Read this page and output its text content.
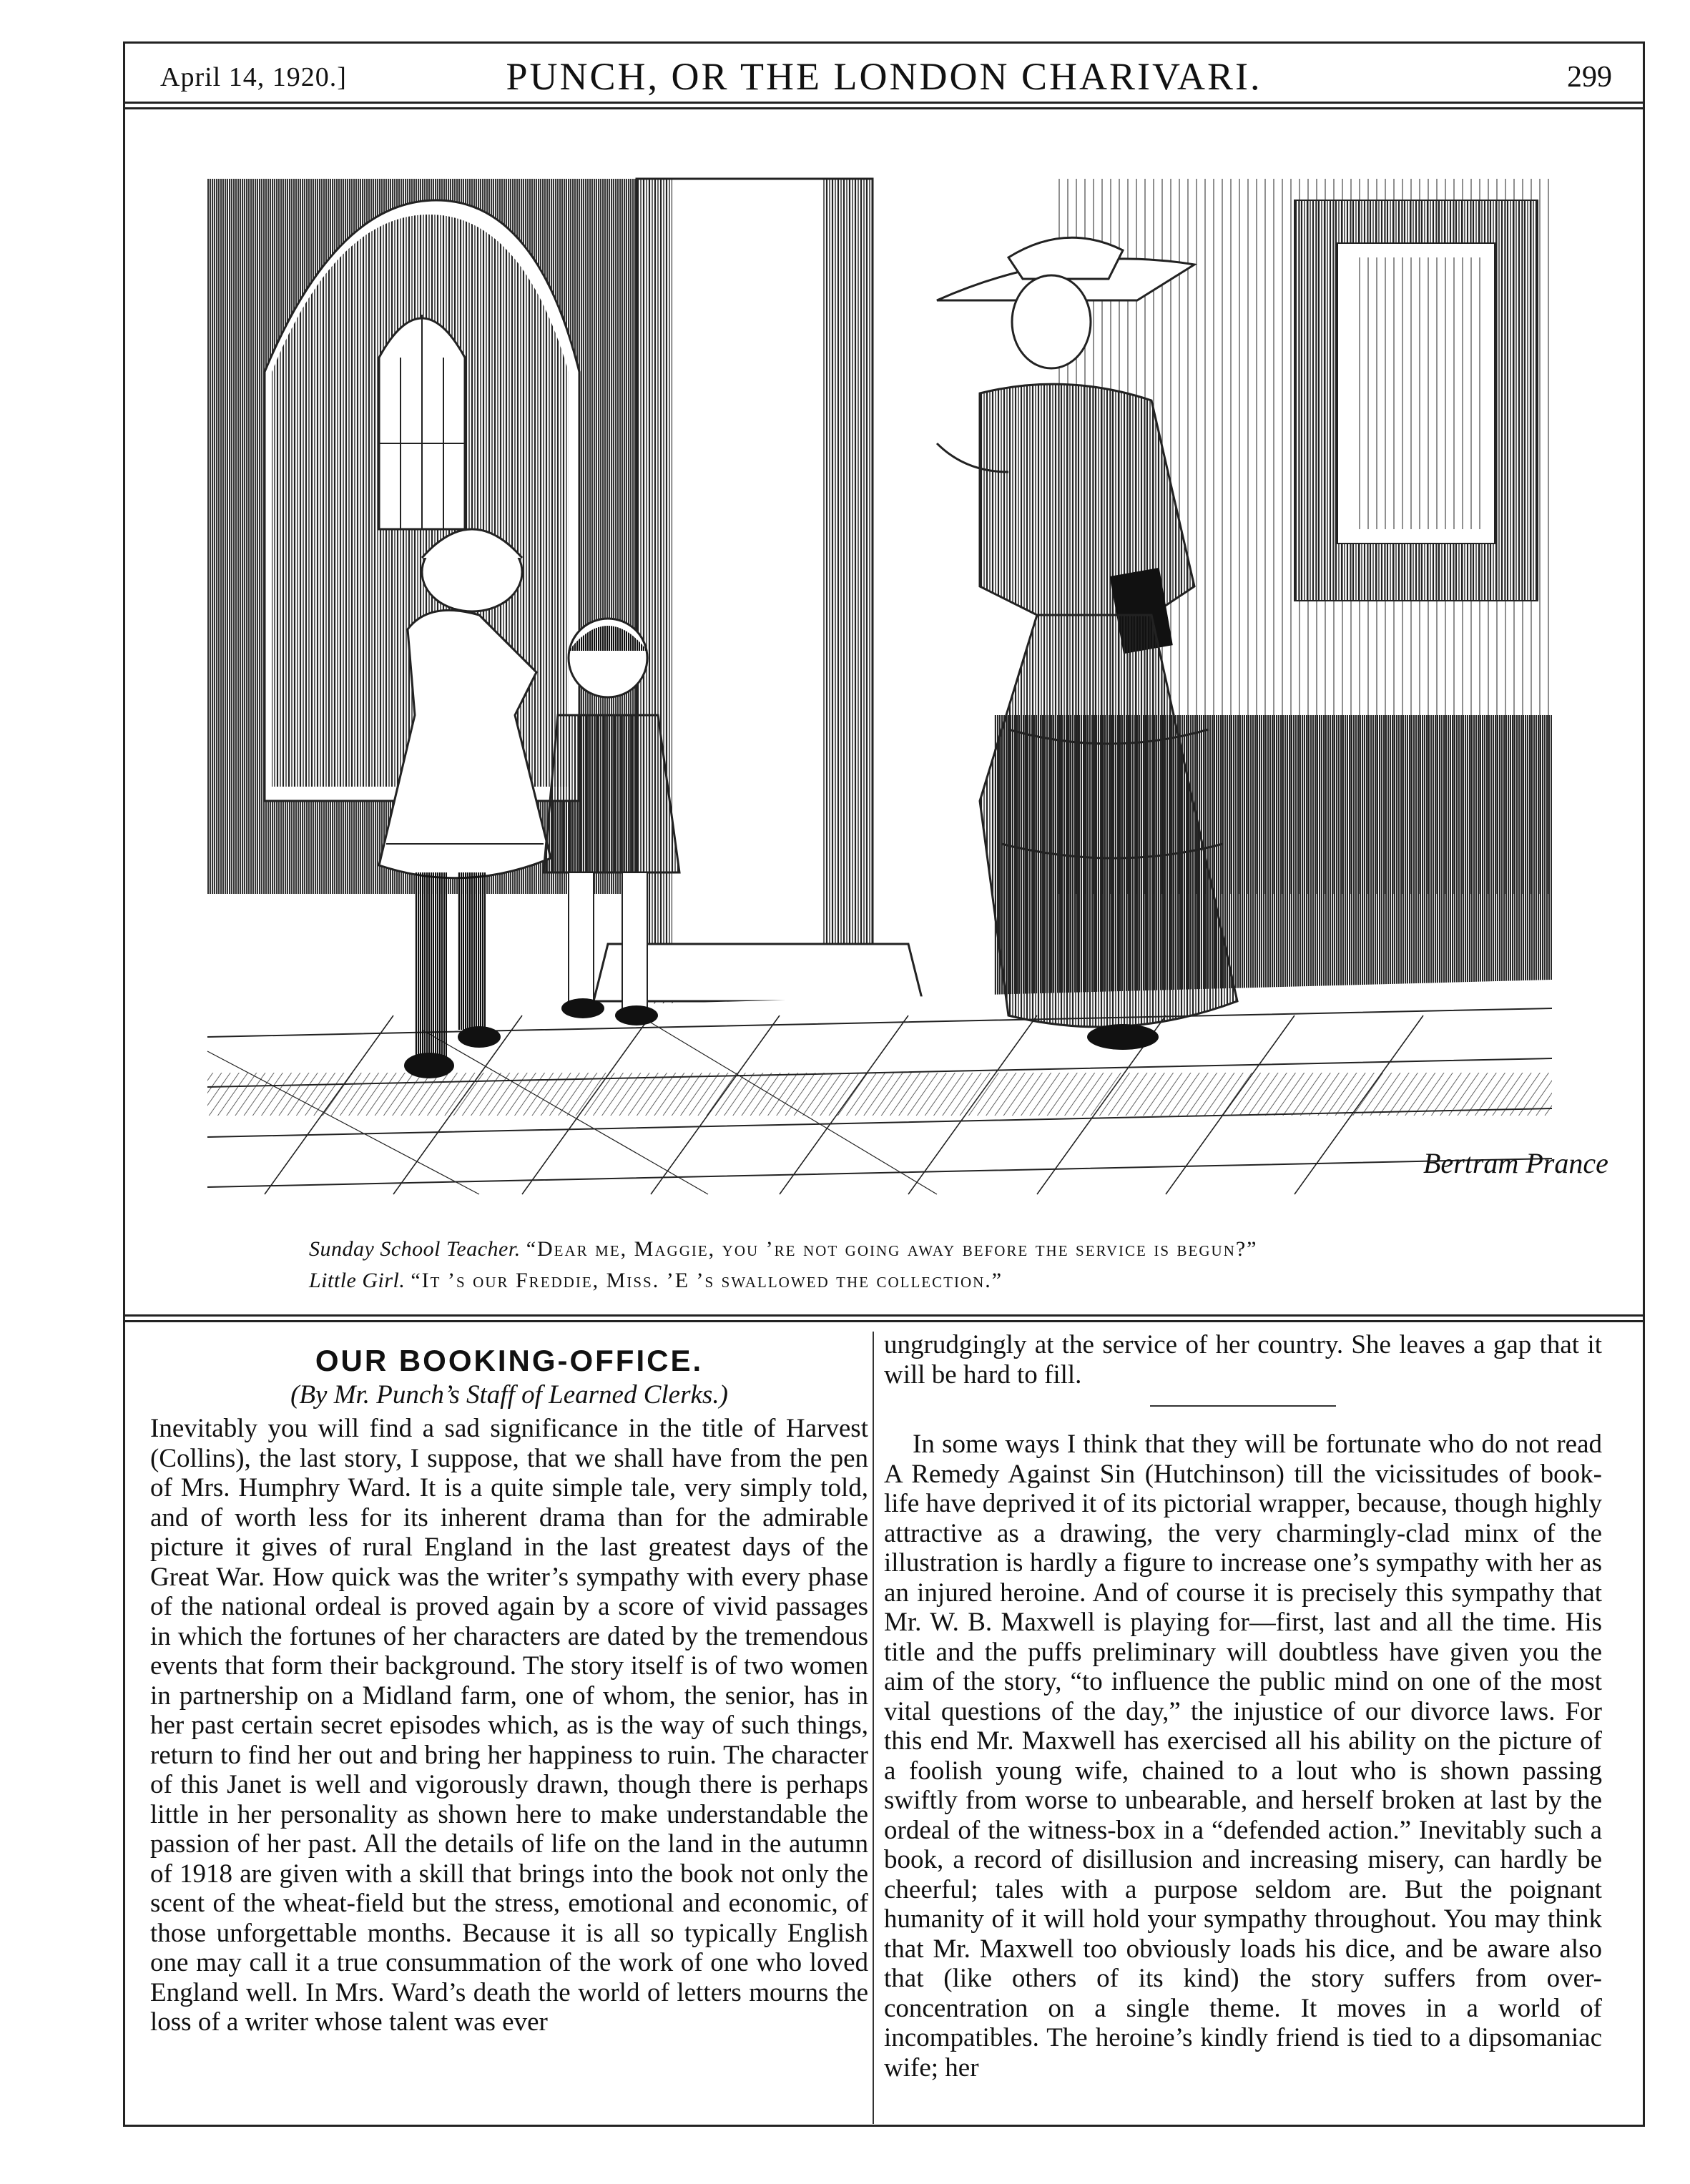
April 14, 1920.]	PUNCH, OR THE LONDON CHARIVARI.	299
Bertram Prance
Sunday School Teacher. “Dear me, Maggie, you ’re not going away before the service is begun?”
Little Girl. “It ’s our Freddie, Miss. ’E ’s swallowed the collection.”
OUR BOOKING-OFFICE.
(By Mr. Punch’s Staff of Learned Clerks.)

Inevitably you will find a sad significance in the title of Harvest (Collins), the last story, I suppose, that we shall have from the pen of Mrs. Humphry Ward. It is a quite simple tale, very simply told, and of worth less for its inherent drama than for the admirable picture it gives of rural England in the last greatest days of the Great War. How quick was the writer’s sympathy with every phase of the national ordeal is proved again by a score of vivid passages in which the fortunes of her characters are dated by the tremendous events that form their background. The story itself is of two women in partnership on a Midland farm, one of whom, the senior, has in her past certain secret episodes which, as is the way of such things, return to find her out and bring her happiness to ruin. The character of this Janet is well and vigorously drawn, though there is perhaps little in her personality as shown here to make understandable the passion of her past. All the details of life on the land in the autumn of 1918 are given with a skill that brings into the book not only the scent of the wheat-field but the stress, emotional and economic, of those unforgettable months. Because it is all so typically English one may call it a true consummation of the work of one who loved England well. In Mrs. Ward’s death the world of letters mourns the loss of a writer whose talent was ever

ungrudgingly at the service of her country. She leaves a gap that it will be hard to fill.

In some ways I think that they will be fortunate who do not read A Remedy Against Sin (Hutchinson) till the vicissitudes of book-life have deprived it of its pictorial wrapper, because, though highly attractive as a drawing, the very charmingly-clad minx of the illustration is hardly a figure to increase one’s sympathy with her as an injured heroine. And of course it is precisely this sympathy that Mr. W. B. Maxwell is playing for—first, last and all the time. His title and the puffs preliminary will doubtless have given you the aim of the story, “to influence the public mind on one of the most vital questions of the day,” the injustice of our divorce laws. For this end Mr. Maxwell has exercised all his ability on the picture of a foolish young wife, chained to a lout who is shown passing swiftly from worse to unbearable, and herself broken at last by the ordeal of the witness-box in a “defended action.” Inevitably such a book, a record of disillusion and increasing misery, can hardly be cheerful; tales with a purpose seldom are. But the poignant humanity of it will hold your sympathy throughout. You may think that Mr. Maxwell too obviously loads his dice, and be aware also that (like others of its kind) the story suffers from over-concentration on a single theme. It moves in a world of incompatibles. The heroine’s kindly friend is tied to a dipsomaniac wife; her
